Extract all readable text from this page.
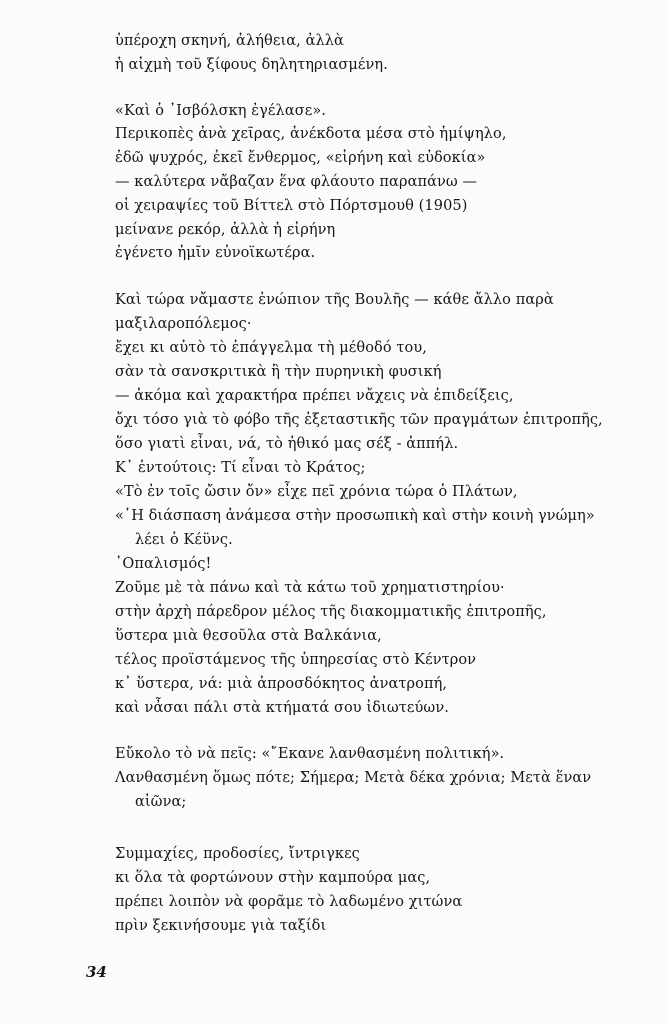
ὑπέροχη σκηνή, ἀλήθεια, ἀλλὰ
ἡ αἰχμὴ τοῦ ξίφους δηλητηριασμένη.
«Καὶ ὁ ᾿Ισβόλσκη ἐγέλασε».
Περικοπὲς ἀνὰ χεῖρας, ἀνέκδοτα μέσα στὸ ἡμίψηλο,
ἐδῶ ψυχρός, ἐκεῖ ἔνθερμος, «εἰρήνη καὶ εὐδοκία»
— καλύτερα νἄβαζαν ἕνα φλάουτο παραπάνω —
οἱ χειραψίες τοῦ Βίττελ στὸ Πόρτσμουθ (1905)
μείνανε ρεκόρ, ἀλλὰ ἡ εἰρήνη
ἐγένετο ἡμῖν εὐνοϊκωτέρα.
Καὶ τώρα νἄμαστε ἐνώπιον τῆς Βουλῆς — κάθε ἄλλο παρὰ
μαξιλαροπόλεμος·
ἔχει κι αὐτὸ τὸ ἐπάγγελμα τὴ μέθοδό του,
σὰν τὰ σανσκριτικὰ ἢ τὴν πυρηνικὴ φυσική
— ἀκόμα καὶ χαρακτήρα πρέπει νἄχεις νὰ ἐπιδείξεις,
ὄχι τόσο γιὰ τὸ φόβο τῆς ἐξεταστικῆς τῶν πραγμάτων ἐπιτροπῆς,
ὅσο γιατὶ εἶναι, νά, τὸ ἠθικό μας σέξ - ἀππήλ.
Κ᾿ ἐντούτοις: Τί εἶναι τὸ Κράτος;
«Τὸ ἐν τοῖς ὤσιν ὄν» εἶχε πεῖ χρόνια τώρα ὁ Πλάτων,
«῾Η διάσπαση ἀνάμεσα στὴν προσωπικὴ καὶ στὴν κοινὴ γνώμη»
λέει ὁ Κέϋνς.
᾿Οπαλισμός!
Ζοῦμε μὲ τὰ πάνω καὶ τὰ κάτω τοῦ χρηματιστηρίου·
στὴν ἀρχὴ πάρεδρον μέλος τῆς διακομματικῆς ἐπιτροπῆς,
ὕστερα μιὰ θεσοῦλα στὰ Βαλκάνια,
τέλος προϊστάμενος τῆς ὑπηρεσίας στὸ Κέντρον
κ᾿ ὕστερα, νά: μιὰ ἀπροσδόκητος ἀνατροπή,
καὶ νἆσαι πάλι στὰ κτήματά σου ἰδιωτεύων.
Εὔκολο τὸ νὰ πεῖς: «῎Εκανε λανθασμένη πολιτική».
Λανθασμένη ὅμως πότε; Σήμερα; Μετὰ δέκα χρόνια; Μετὰ ἕναν
αἰῶνα;
Συμμαχίες, προδοσίες, ἴντριγκες
κι ὅλα τὰ φορτώνουν στὴν καμπούρα μας,
πρέπει λοιπὸν νὰ φορᾶμε τὸ λαδωμένο χιτώνα
πρὶν ξεκινήσουμε γιὰ ταξίδι
34
